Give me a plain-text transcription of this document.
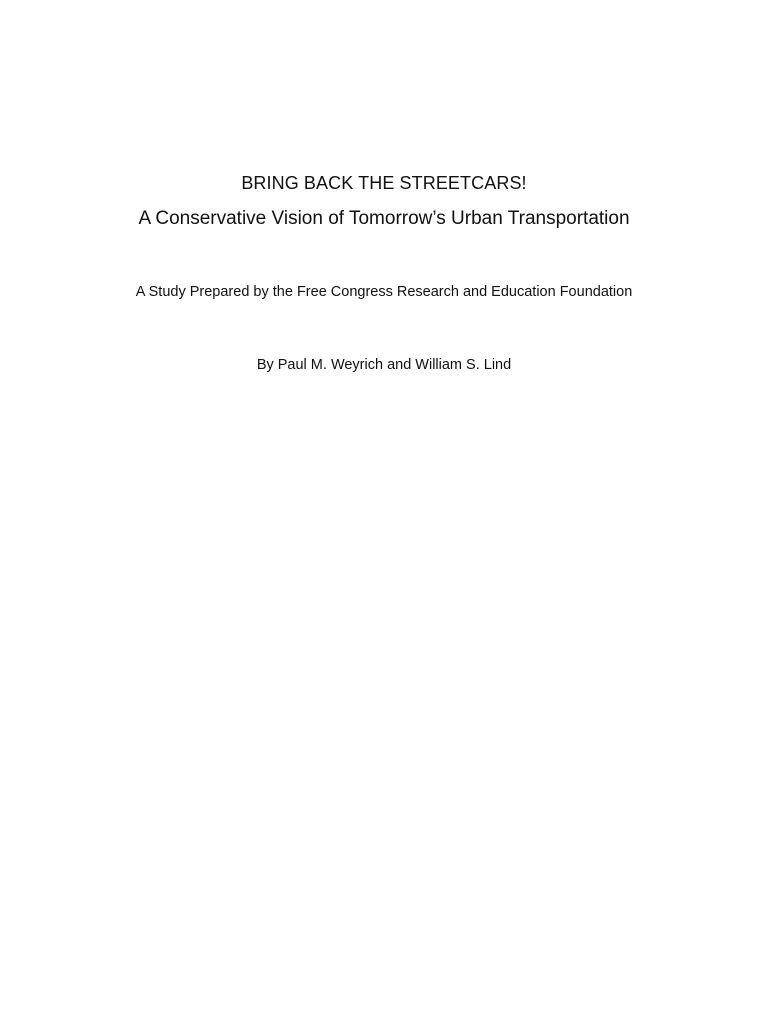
BRING BACK THE STREETCARS!
A Conservative Vision of Tomorrow’s Urban Transportation
A Study Prepared by the Free Congress Research and Education Foundation
By Paul M. Weyrich and William S. Lind
